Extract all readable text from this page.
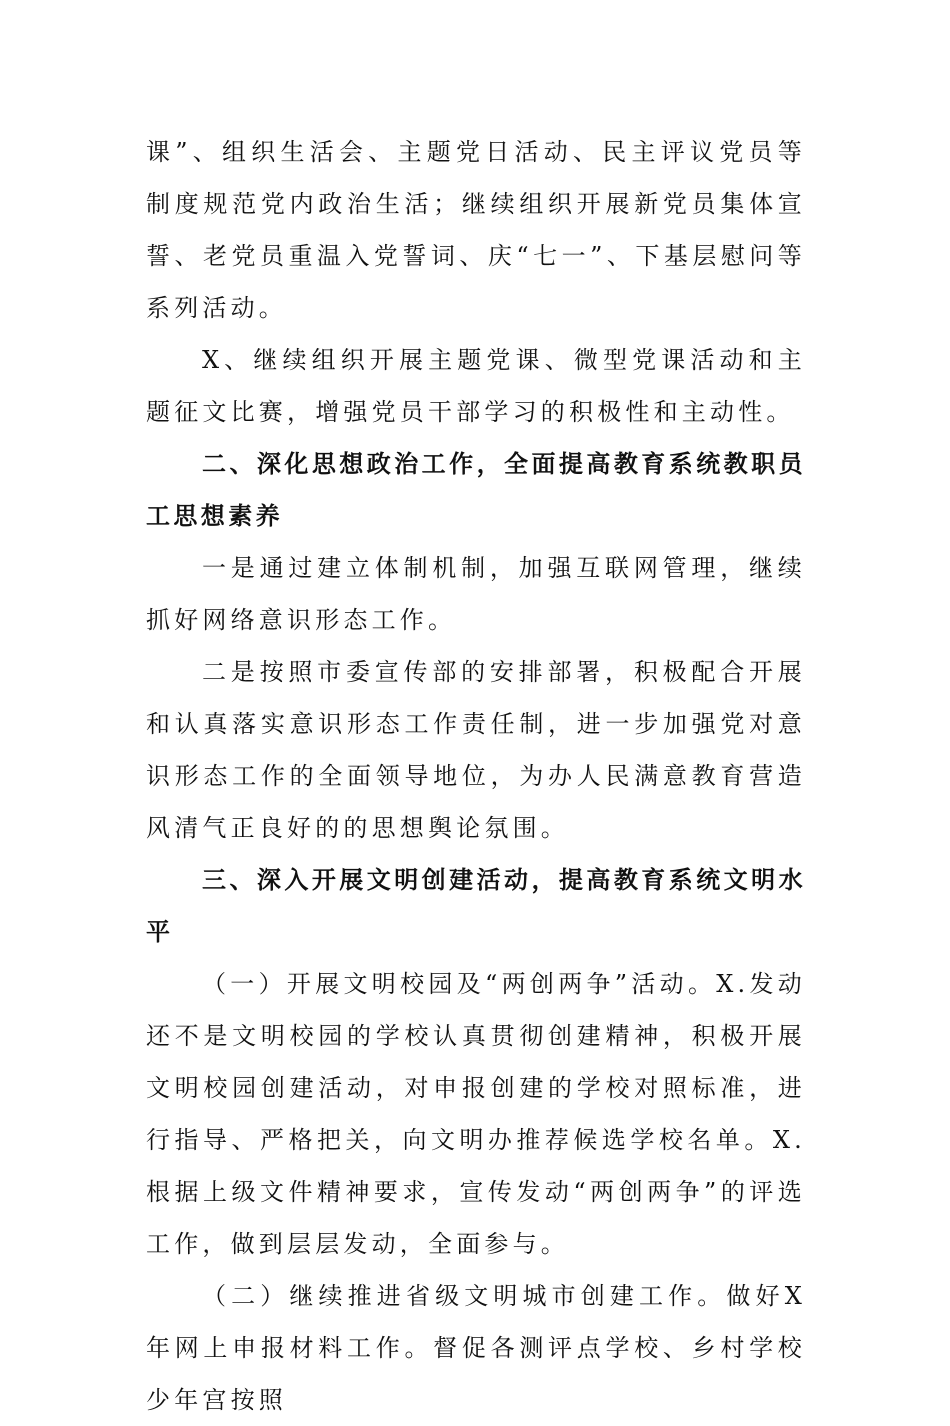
课”、组织生活会、主题党日活动、民主评议党员等制度规范党内政治生活；继续组织开展新党员集体宣誓、老党员重温入党誓词、庆“七一”、下基层慰问等系列活动。

X、继续组织开展主题党课、微型党课活动和主题征文比赛，增强党员干部学习的积极性和主动性。

二、深化思想政治工作，全面提高教育系统教职员工思想素养

一是通过建立体制机制，加强互联网管理，继续抓好网络意识形态工作。

二是按照市委宣传部的安排部署，积极配合开展和认真落实意识形态工作责任制，进一步加强党对意识形态工作的全面领导地位，为办人民满意教育营造风清气正良好的的思想舆论氛围。

三、深入开展文明创建活动，提高教育系统文明水平

（一）开展文明校园及“两创两争”活动。X.发动还不是文明校园的学校认真贯彻创建精神，积极开展文明校园创建活动，对申报创建的学校对照标准，进行指导、严格把关，向文明办推荐候选学校名单。X.根据上级文件精神要求，宣传发动“两创两争”的评选工作，做到层层发动，全面参与。

（二）继续推进省级文明城市创建工作。做好X年网上申报材料工作。督促各测评点学校、乡村学校少年宫按照
